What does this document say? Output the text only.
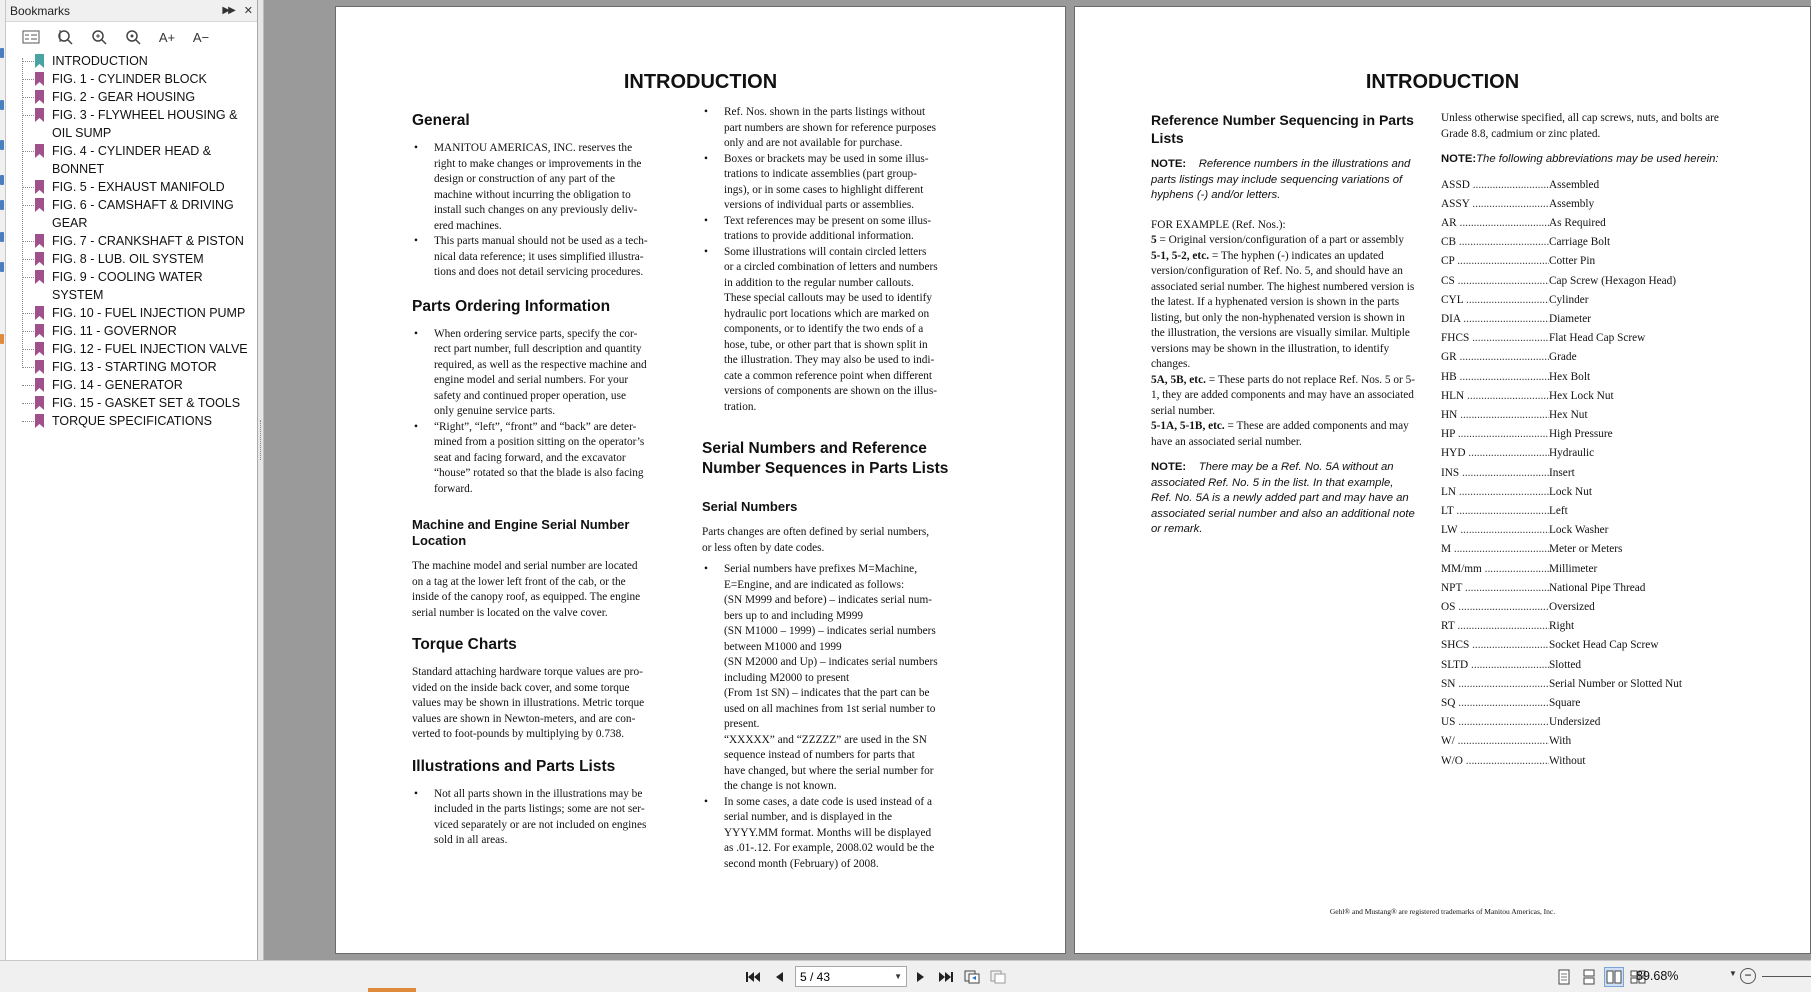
Bookmarks	▶▶ ✕
A+	A−
INTRODUCTION
FIG. 1 - CYLINDER BLOCK
FIG. 2 - GEAR HOUSING
FIG. 3 - FLYWHEEL HOUSING & OIL SUMP
FIG. 4 - CYLINDER HEAD & BONNET
FIG. 5 - EXHAUST MANIFOLD
FIG. 6 - CAMSHAFT & DRIVING GEAR
FIG. 7 - CRANKSHAFT & PISTON
FIG. 8 - LUB. OIL SYSTEM
FIG. 9 - COOLING WATER SYSTEM
FIG. 10 - FUEL INJECTION PUMP
FIG. 11 - GOVERNOR
FIG. 12 - FUEL INJECTION VALVE
FIG. 13 - STARTING MOTOR
FIG. 14 - GENERATOR
FIG. 15 - GASKET SET & TOOLS
TORQUE SPECIFICATIONS
INTRODUCTION
General
• MANITOU AMERICAS, INC. reserves the
right to make changes or improvements in the
design or construction of any part of the
machine without incurring the obligation to
install such changes on any previously deliv-
ered machines.
• This parts manual should not be used as a tech-
nical data reference; it uses simplified illustra-
tions and does not detail servicing procedures.
Parts Ordering Information
• When ordering service parts, specify the cor-
rect part number, full description and quantity
required, as well as the respective machine and
engine model and serial numbers. For your
safety and continued proper operation, use
only genuine service parts.
• “Right”, “left”, “front” and “back” are deter-
mined from a position sitting on the operator’s
seat and facing forward, and the excavator
“house” rotated so that the blade is also facing
forward.
Machine and Engine Serial Number Location

The machine model and serial number are located
on a tag at the lower left front of the cab, or the
inside of the canopy roof, as equipped. The engine
serial number is located on the valve cover.

Torque Charts

Standard attaching hardware torque values are pro-
vided on the inside back cover, and some torque
values may be shown in illustrations. Metric torque
values are shown in Newton-meters, and are con-
verted to foot-pounds by multiplying by 0.738.

Illustrations and Parts Lists
• Not all parts shown in the illustrations may be
included in the parts listings; some are not ser-
viced separately or are not included on engines
sold in all areas.
• Ref. Nos. shown in the parts listings without
part numbers are shown for reference purposes
only and are not available for purchase.
• Boxes or brackets may be used in some illus-
trations to indicate assemblies (part group-
ings), or in some cases to highlight different
versions of individual parts or assemblies.
• Text references may be present on some illus-
trations to provide additional information.
• Some illustrations will contain circled letters
or a circled combination of letters and numbers
in addition to the regular number callouts.
These special callouts may be used to identify
hydraulic port locations which are marked on
components, or to identify the two ends of a
hose, tube, or other part that is shown split in
the illustration. They may also be used to indi-
cate a common reference point when different
versions of components are shown on the illus-
tration.
Serial Numbers and Reference Number Sequences in Parts Lists
Serial Numbers

Parts changes are often defined by serial numbers,
or less often by date codes.

• Serial numbers have prefixes M=Machine,
E=Engine, and are indicated as follows:
(SN M999 and before) – indicates serial num-
bers up to and including M999
(SN M1000 – 1999) – indicates serial numbers
between M1000 and 1999
(SN M2000 and Up) – indicates serial numbers
including M2000 to present
(From 1st SN) – indicates that the part can be
used on all machines from 1st serial number to
present.
“XXXXX” and “ZZZZZ” are used in the SN
sequence instead of numbers for parts that
have changed, but where the serial number for
the change is not known.
• In some cases, a date code is used instead of a
serial number, and is displayed in the
YYYY.MM format. Months will be displayed
as .01-.12. For example, 2008.02 would be the
second month (February) of 2008.
INTRODUCTION
Reference Number Sequencing in Parts Lists

NOTE: Reference numbers in the illustrations and parts listings may include sequencing variations of hyphens (-) and/or letters.

FOR EXAMPLE (Ref. Nos.):

5 = Original version/configuration of a part or assembly

5-1, 5-2, etc. = The hyphen (-) indicates an updated version/configuration of Ref. No. 5, and should have an associated serial number. The highest numbered version is the latest. If a hyphenated version is shown in the parts listing, but only the non-hyphenated version is shown in the illustration, the versions are visually similar. Multiple versions may be shown in the illustration, to identify changes.

5A, 5B, etc. = These parts do not replace Ref. Nos. 5 or 5-1, they are added components and may have an associated serial number.

5-1A, 5-1B, etc. = These are added components and may have an associated serial number.

NOTE: There may be a Ref. No. 5A without an associated Ref. No. 5 in the list. In that example, Ref. No. 5A is a newly added part and may have an associated serial number and also an additional note or remark.

Unless otherwise specified, all cap screws, nuts, and bolts are Grade 8.8, cadmium or zinc plated.

NOTE:The following abbreviations may be used herein:

ASSD .....	Assembled
ASSY .....	Assembly
AR .....	As Required
CB .....	Carriage Bolt
CP .....	Cotter Pin
CS .....	Cap Screw (Hexagon Head)
CYL .....	Cylinder
DIA .....	Diameter
FHCS .....	Flat Head Cap Screw
GR .....	Grade
HB .....	Hex Bolt
HLN .....	Hex Lock Nut
HN .....	Hex Nut
HP .....	High Pressure
HYD .....	Hydraulic
INS .....	Insert
LN .....	Lock Nut
LT .....	Left
LW .....	Lock Washer
M .....	Meter or Meters
MM/mm .....	Millimeter
NPT .....	National Pipe Thread
OS .....	Oversized
RT .....	Right
SHCS .....	Socket Head Cap Screw
SLTD .....	Slotted
SN .....	Serial Number or Slotted Nut
SQ .....	Square
US .....	Undersized
W/ .....	With
W/O .....	Without
Gehl® and Mustang® are registered trademarks of Manitou Americas, Inc.
5 / 43	▼	89.68%	▼ −
